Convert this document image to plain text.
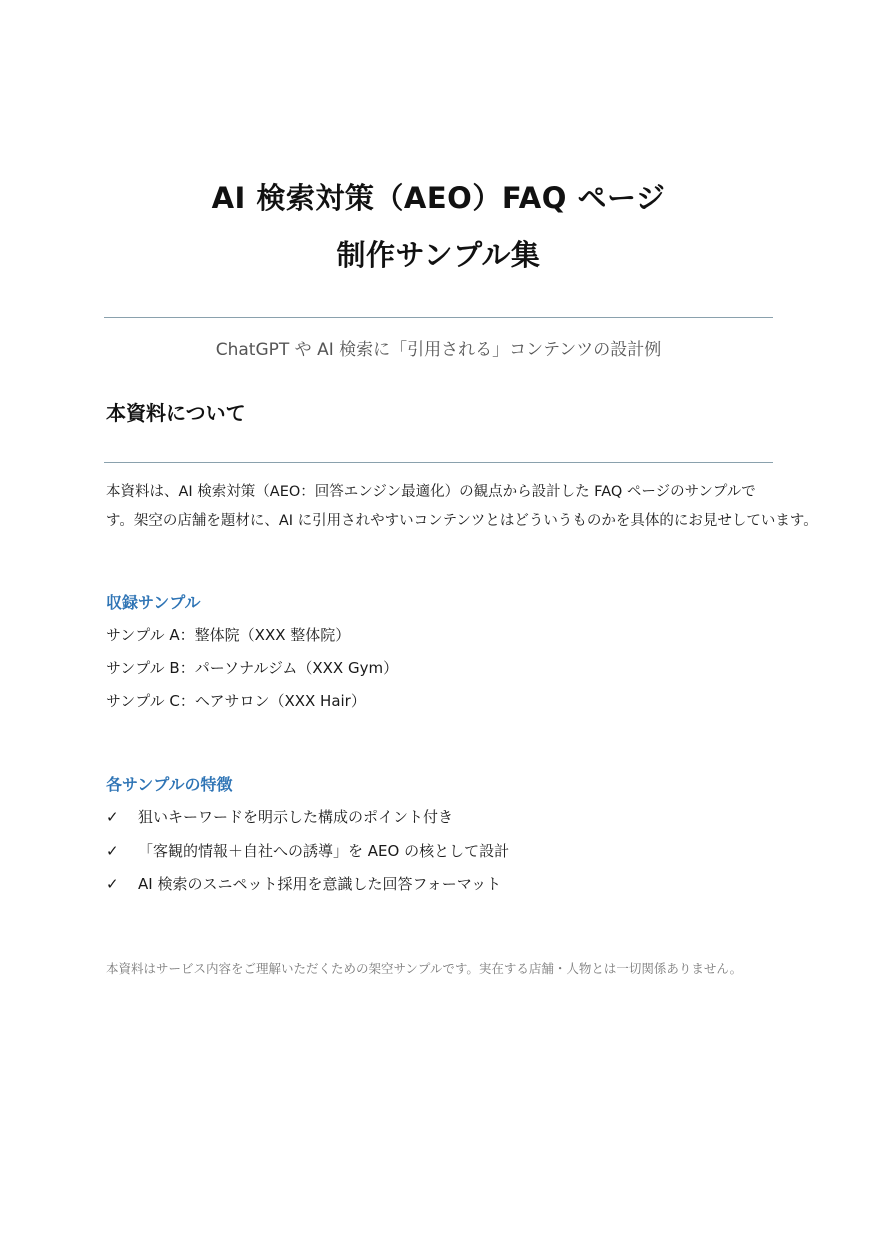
AI 検索対策（AEO）FAQ ページ
制作サンプル集
ChatGPT や AI 検索に「引用される」コンテンツの設計例
本資料について
本資料は、AI 検索対策（AEO：回答エンジン最適化）の観点から設計した FAQ ページのサンプルで
す。架空の店舗を題材に、AI に引用されやすいコンテンツとはどういうものかを具体的にお見せしています。
収録サンプル
サンプル A：整体院（XXX 整体院）
サンプル B：パーソナルジム（XXX Gym）
サンプル C：ヘアサロン（XXX Hair）
各サンプルの特徴
✓ 狙いキーワードを明示した構成のポイント付き
✓ 「客観的情報＋自社への誘導」を AEO の核として設計
✓ AI 検索のスニペット採用を意識した回答フォーマット
本資料はサービス内容をご理解いただくための架空サンプルです。実在する店舗・人物とは一切関係ありません。
